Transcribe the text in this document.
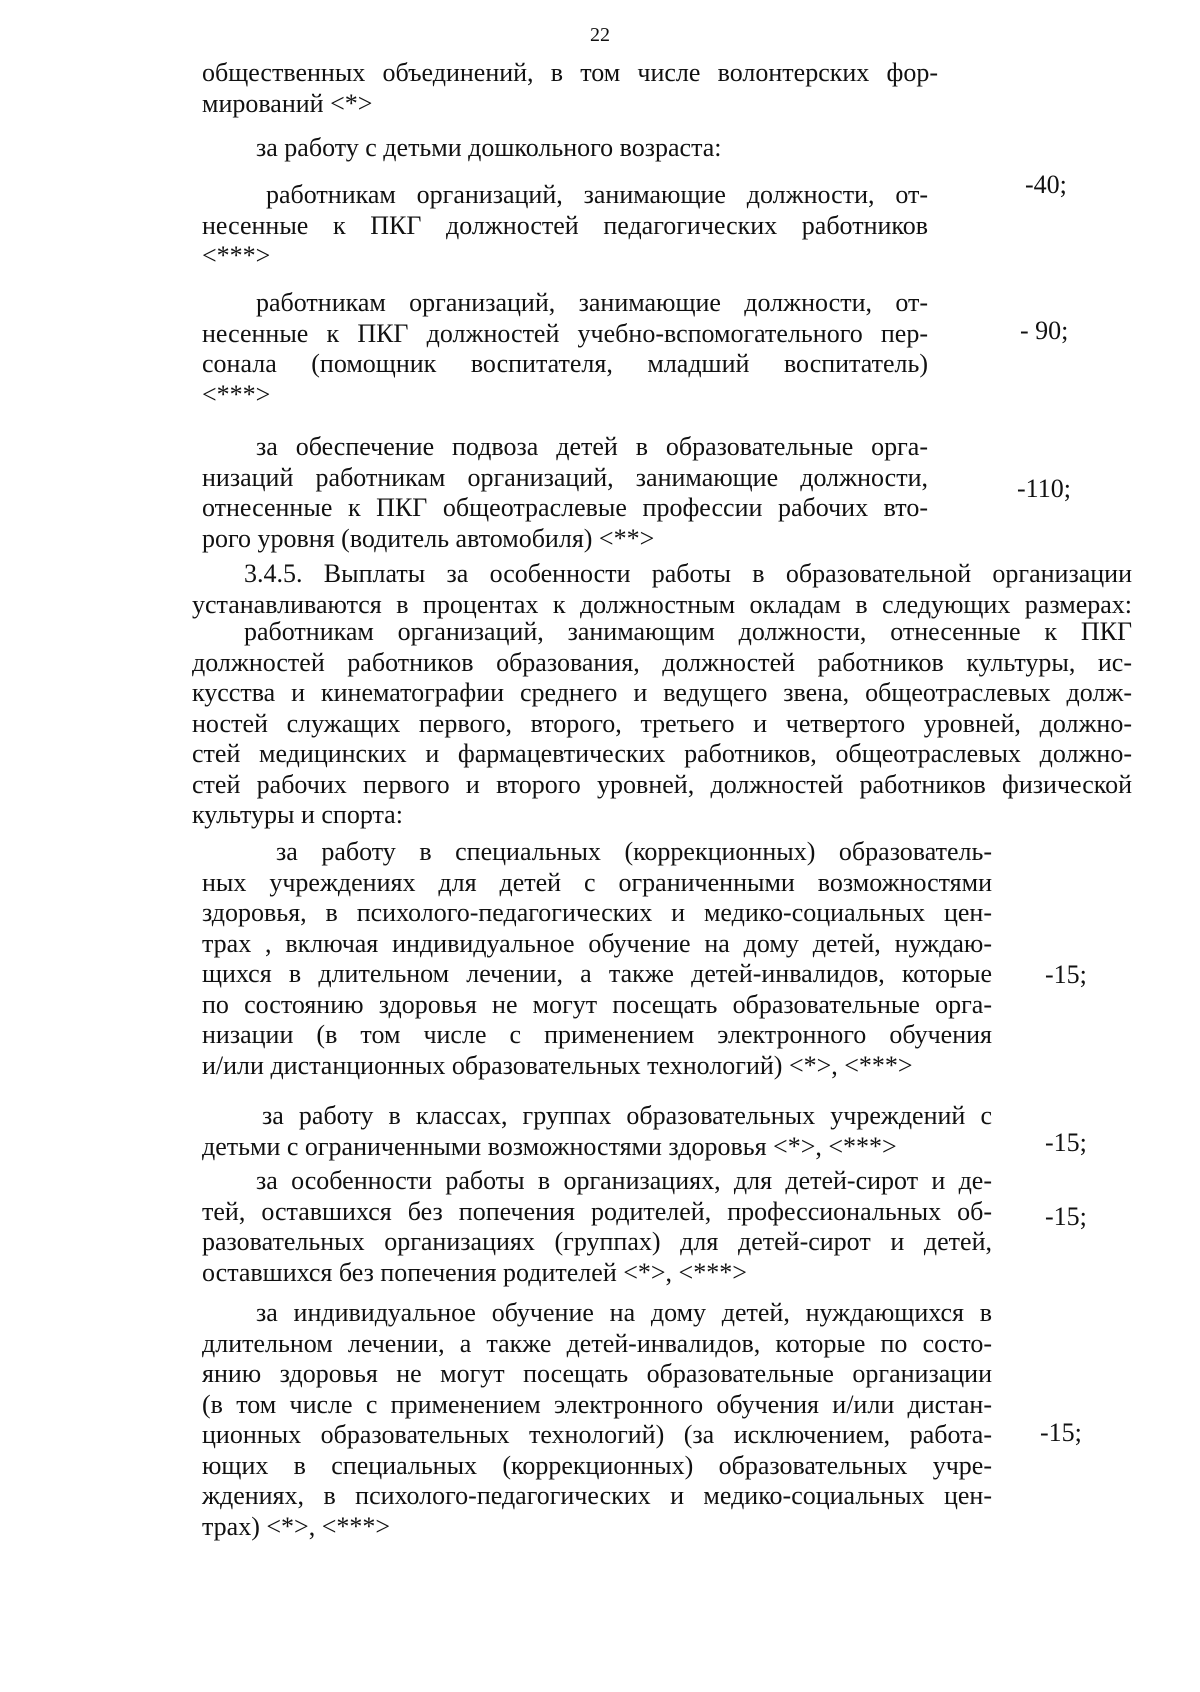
22
общественных объединений, в том числе волонтерских фор-
мирований <*>
за работу с детьми дошкольного возраста:
работникам организаций, занимающие должности, от-
несенные к ПКГ должностей педагогических работников
<***>
-40;
работникам организаций, занимающие должности, от-
несенные к ПКГ должностей учебно-вспомогательного пер-
сонала (помощник воспитателя, младший воспитатель)
<***>
- 90;
за обеспечение подвоза детей в образовательные орга-
низаций работникам организаций, занимающие должности,
отнесенные к ПКГ общеотраслевые профессии рабочих вто-
рого уровня (водитель автомобиля) <**>
-110;
3.4.5. Выплаты за особенности работы в образовательной организации
устанавливаются в процентах к должностным окладам в следующих размерах:
работникам организаций, занимающим должности, отнесенные к ПКГ
должностей работников образования, должностей работников культуры, ис-
кусства и кинематографии среднего и ведущего звена, общеотраслевых долж-
ностей служащих первого, второго, третьего и четвертого уровней, должно-
стей медицинских и фармацевтических работников, общеотраслевых должно-
стей рабочих первого и второго уровней, должностей работников физической
культуры и спорта:
за работу в специальных (коррекционных) образователь-
ных учреждениях для детей с ограниченными возможностями
здоровья, в психолого-педагогических и медико-социальных цен-
трах , включая индивидуальное обучение на дому детей, нуждаю-
щихся в длительном лечении, а также детей-инвалидов, которые
по состоянию здоровья не могут посещать образовательные орга-
низации (в том числе с применением электронного обучения
и/или дистанционных образовательных технологий) <*>, <***>
-15;
за работу в классах, группах образовательных учреждений с
детьми с ограниченными возможностями здоровья <*>, <***>	-15;
за особенности работы в организациях, для детей-сирот и де-
тей, оставшихся без попечения родителей, профессиональных об-
разовательных организациях (группах) для детей-сирот и детей,
оставшихся без попечения родителей <*>, <***>
-15;
за индивидуальное обучение на дому детей, нуждающихся в
длительном лечении, а также детей-инвалидов, которые по состо-
янию здоровья не могут посещать образовательные организации
(в том числе с применением электронного обучения и/или дистан-
ционных образовательных технологий) (за исключением, работа-
ющих в специальных (коррекционных) образовательных учре-
ждениях, в психолого-педагогических и медико-социальных цен-
трах) <*>, <***>
-15;
